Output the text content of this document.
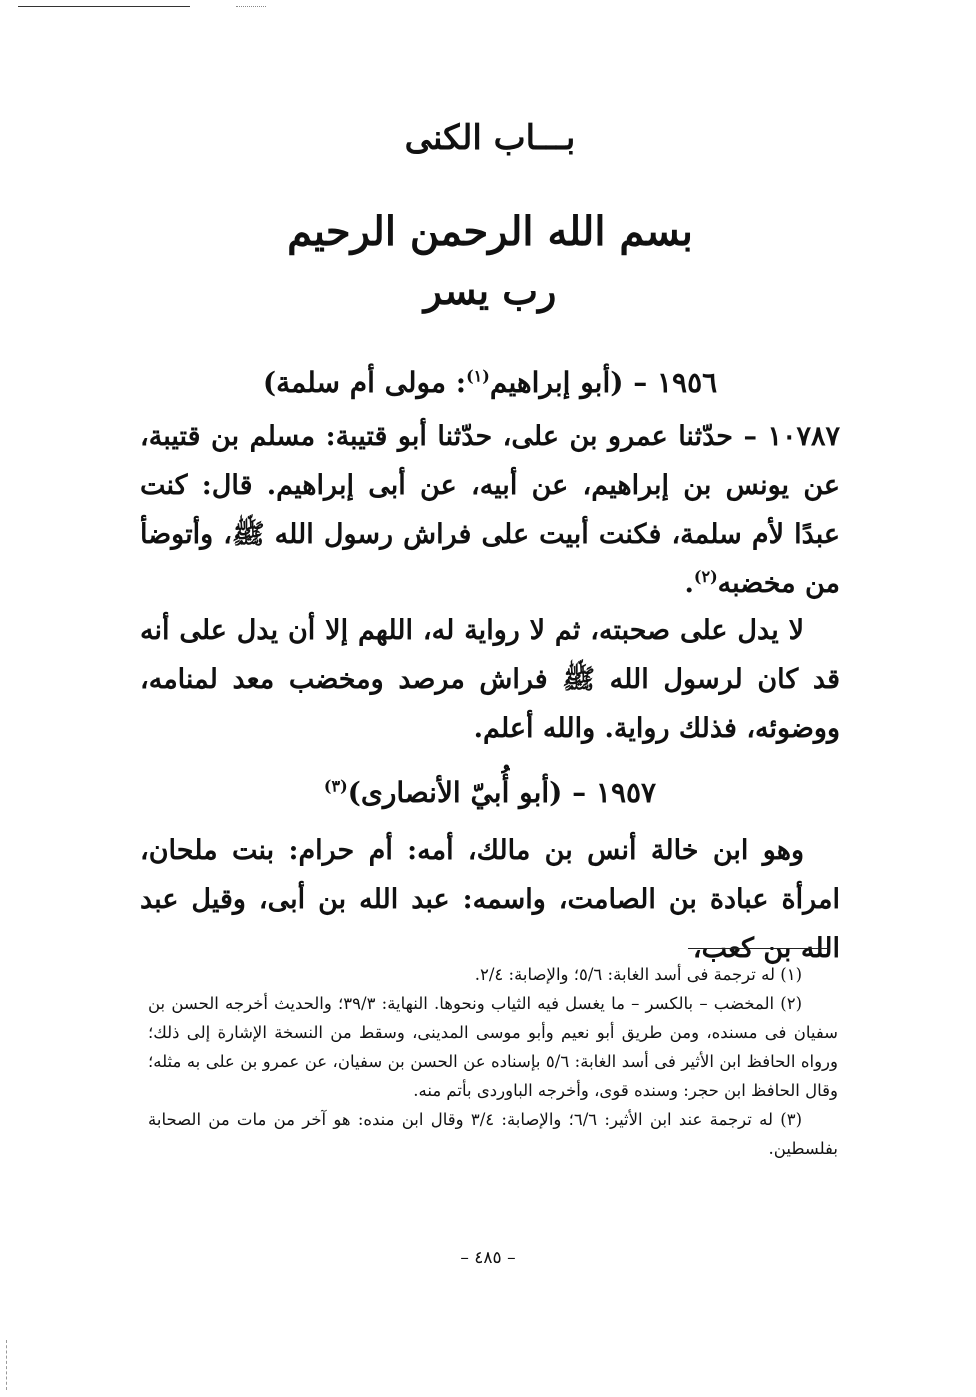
بـــاب الكنى
بسم الله الرحمن الرحيم
رب يسر
١٩٥٦ – (أبو إبراهيم$^{(١)}$: مولى أم سلمة)
١٠٧٨٧ – حدّثنا عمرو بن على، حدّثنا أبو قتيبة: مسلم بن قتيبة، عن يونس بن إبراهيم، عن أبيه، عن أبى إبراهيم. قال: كنت عبدًا لأم سلمة، فكنت أبيت على فراش رسول الله ﷺ، وأتوضأ من مخضبه$^{(٢)}$.
لا يدل على صحبته، ثم لا رواية له، اللهم إلا أن يدل على أنه قد كان لرسول الله ﷺ فراش مرصد ومخضب معد لمنامه، ووضوئه، فذلك رواية. والله أعلم.
١٩٥٧ – (أبو أُبيّ الأنصارى)$^{(٣)}$
وهو ابن خالة أنس بن مالك، أمه: أم حرام: بنت ملحان، امرأة عبادة بن الصامت، واسمه: عبد الله بن أبى، وقيل عبد الله بن كعب،

(١) له ترجمة فى أسد الغابة: ٥/٦؛ والإصابة: ٢/٤.

(٢) المخضب – بالكسر – ما يغسل فيه الثياب ونحوها. النهاية: ٣٩/٣؛ والحديث أخرجه الحسن بن سفيان فى مسنده، ومن طريق أبو نعيم وأبو موسى المدينى، وسقط من النسخة الإشارة إلى ذلك؛ ورواه الحافظ ابن الأثير فى أسد الغابة: ٥/٦ بإسناده عن الحسن بن سفيان، عن عمرو بن على به مثله؛ وقال الحافظ ابن حجر: وسنده قوى، وأخرجه الباوردى بأتم منه.

(٣) له ترجمة عند ابن الأثير: ٦/٦؛ والإصابة: ٣/٤ وقال ابن منده: هو آخر من مات من الصحابة بفلسطين.

– ٤٨٥ –
